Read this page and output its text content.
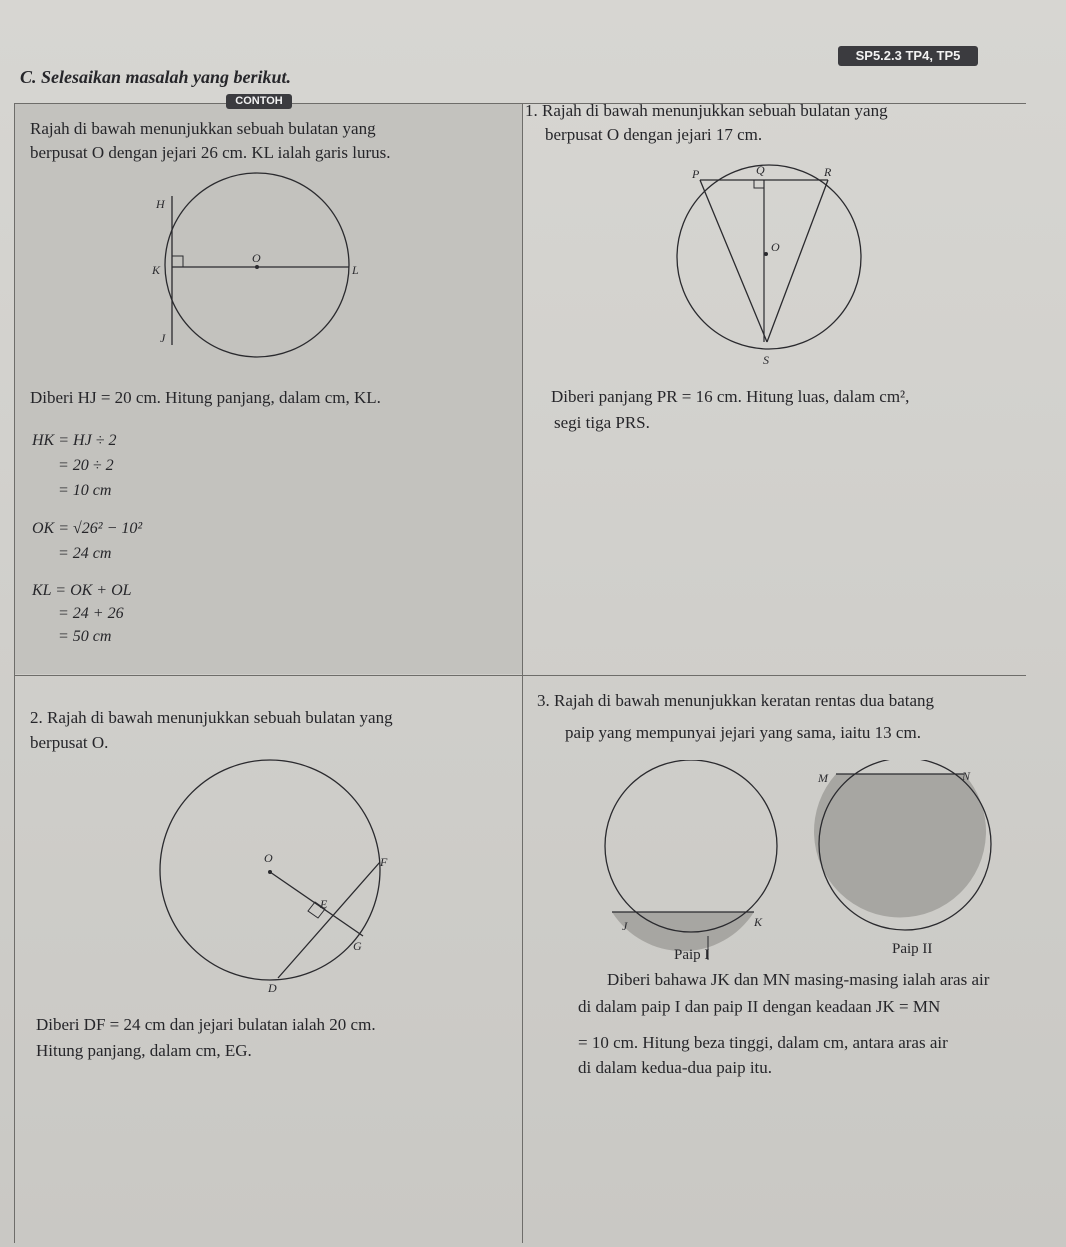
C. Selesaikan masalah yang berikut.
SP5.2.3 TP4, TP5
CONTOH
Rajah di bawah menunjukkan sebuah bulatan yang
berpusat O dengan jejari 26 cm. KL ialah garis lurus.
H
K
O
L
J
Diberi HJ = 20 cm. Hitung panjang, dalam cm, KL.
HK = HJ ÷ 2
= 20 ÷ 2
= 10 cm
OK = √26² − 10²
= 24 cm
KL = OK + OL
= 24 + 26
= 50 cm
1. Rajah di bawah menunjukkan sebuah bulatan yang
berpusat O dengan jejari 17 cm.
P	Q	R
O
S
Diberi panjang PR = 16 cm. Hitung luas, dalam cm²,
segi tiga PRS.
2. Rajah di bawah menunjukkan sebuah bulatan yang
berpusat O.
O	F
E
G
D
Diberi DF = 24 cm dan jejari bulatan ialah 20 cm.
Hitung panjang, dalam cm, EG.
3. Rajah di bawah menunjukkan keratan rentas dua batang
paip yang mempunyai jejari yang sama, iaitu 13 cm.
J	K
M	N
Paip I	Paip II
Diberi bahawa JK dan MN masing-masing ialah aras air
di dalam paip I dan paip II dengan keadaan JK = MN
= 10 cm. Hitung beza tinggi, dalam cm, antara aras air
di dalam kedua-dua paip itu.
